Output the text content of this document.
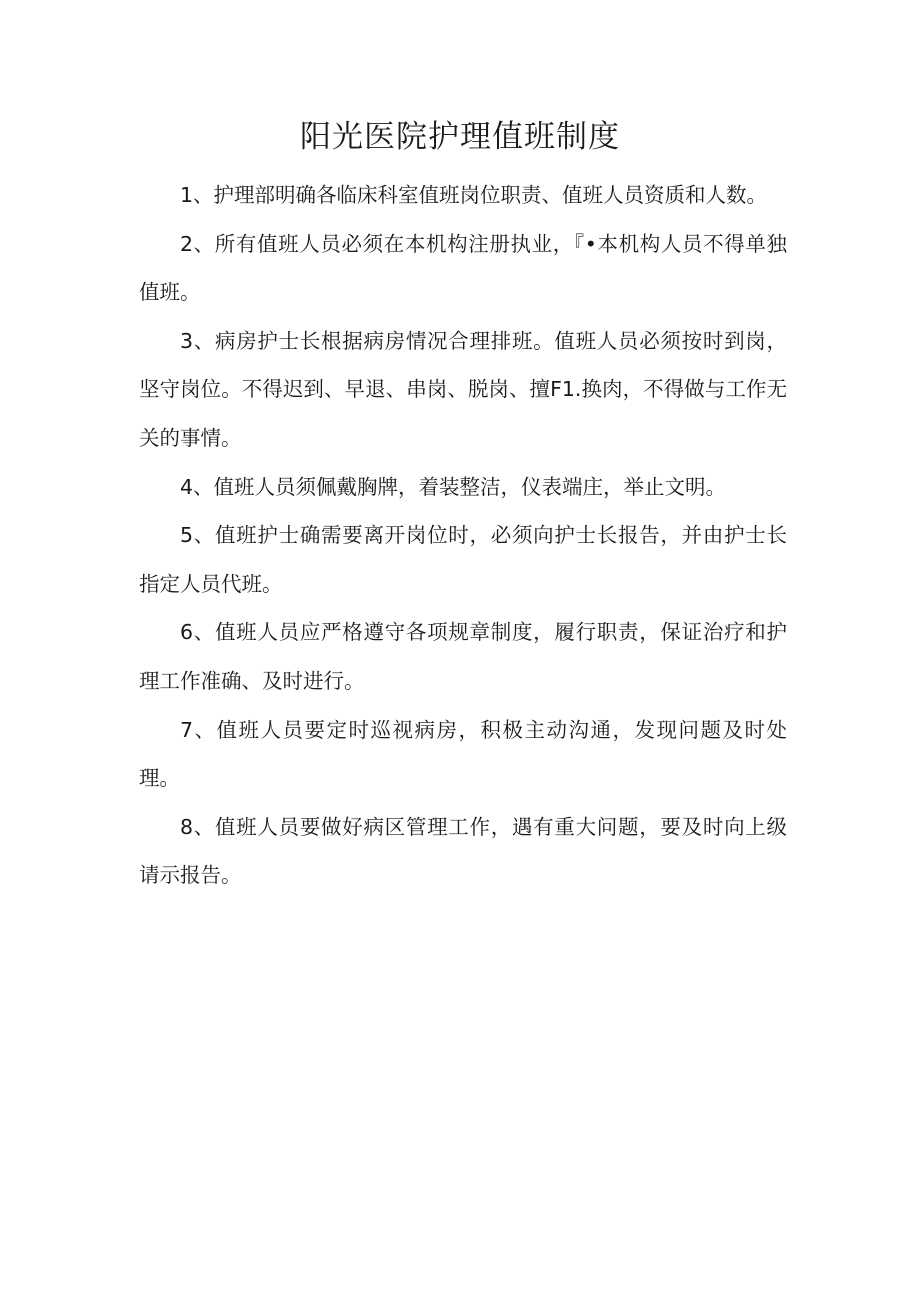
阳光医院护理值班制度

1、护理部明确各临床科室值班岗位职责、值班人员资质和人数。

2、所有值班人员必须在本机构注册执业，『•本机构人员不得单独值班。

3、病房护士长根据病房情况合理排班。值班人员必须按时到岗，坚守岗位。不得迟到、早退、串岗、脱岗、擅F1.换肉，不得做与工作无关的事情。

4、值班人员须佩戴胸牌，着装整洁，仪表端庄，举止文明。

5、值班护士确需要离开岗位时，必须向护士长报告，并由护士长指定人员代班。

6、值班人员应严格遵守各项规章制度，履行职责，保证治疗和护理工作准确、及时进行。

7、值班人员要定时巡视病房，积极主动沟通，发现问题及时处理。

8、值班人员要做好病区管理工作，遇有重大问题，要及时向上级请示报告。
